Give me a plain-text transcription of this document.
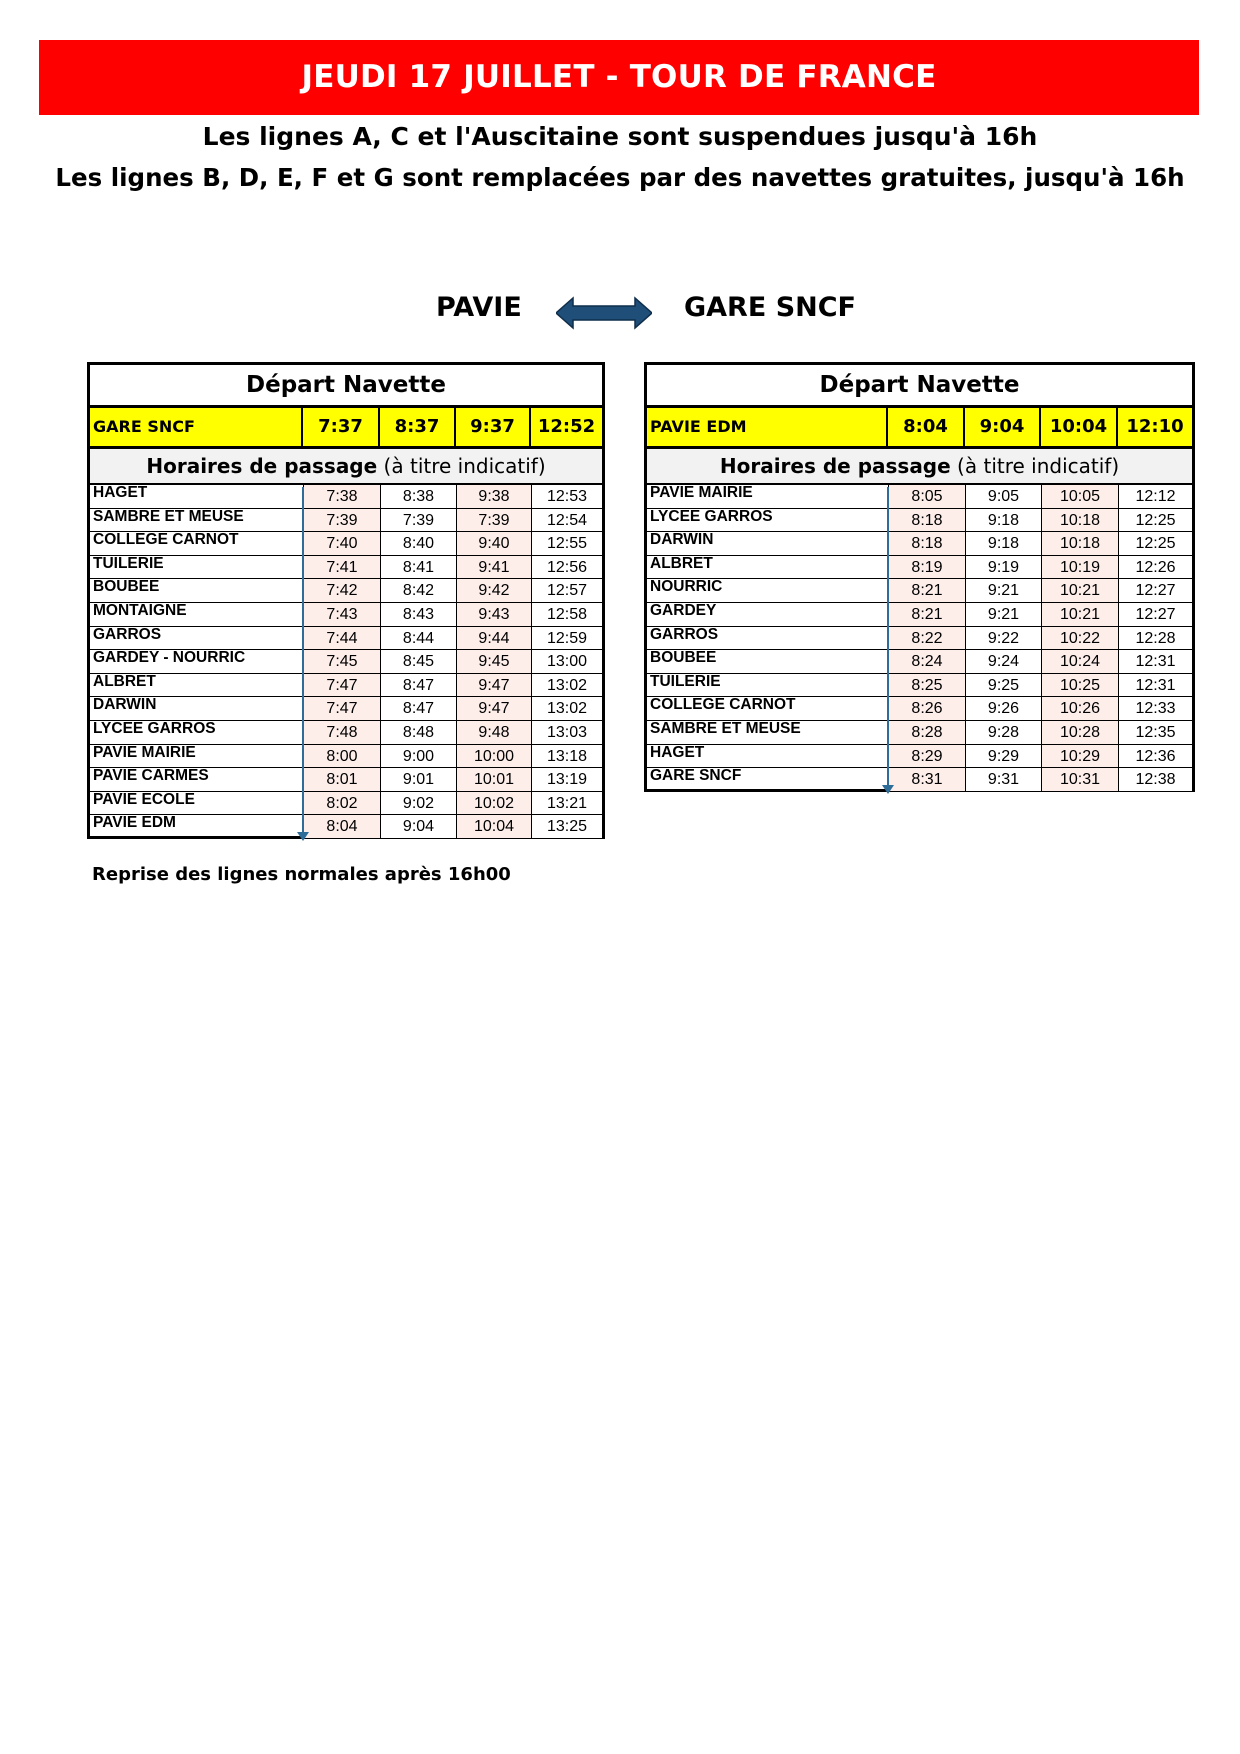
JEUDI 17 JUILLET - TOUR DE FRANCE
Les lignes A, C et l'Auscitaine sont suspendues jusqu'à 16h
Les lignes B, D, E, F et G sont remplacées par des navettes gratuites, jusqu'à 16h
PAVIE	GARE SNCF
Départ Navette
GARE SNCF	7:37	8:37	9:37	12:52
Horaires de passage (à titre indicatif)
HAGET	7:38	8:38	9:38	12:53
SAMBRE ET MEUSE	7:39	7:39	7:39	12:54
COLLEGE CARNOT	7:40	8:40	9:40	12:55
TUILERIE	7:41	8:41	9:41	12:56
BOUBEE	7:42	8:42	9:42	12:57
MONTAIGNE	7:43	8:43	9:43	12:58
GARROS	7:44	8:44	9:44	12:59
GARDEY - NOURRIC	7:45	8:45	9:45	13:00
ALBRET	7:47	8:47	9:47	13:02
DARWIN	7:47	8:47	9:47	13:02
LYCEE GARROS	7:48	8:48	9:48	13:03
PAVIE MAIRIE	8:00	9:00	10:00	13:18
PAVIE CARMES	8:01	9:01	10:01	13:19
PAVIE ECOLE	8:02	9:02	10:02	13:21
PAVIE EDM	8:04	9:04	10:04	13:25
Départ Navette
PAVIE EDM	8:04	9:04	10:04	12:10
Horaires de passage (à titre indicatif)
PAVIE MAIRIE	8:05	9:05	10:05	12:12
LYCEE GARROS	8:18	9:18	10:18	12:25
DARWIN	8:18	9:18	10:18	12:25
ALBRET	8:19	9:19	10:19	12:26
NOURRIC	8:21	9:21	10:21	12:27
GARDEY	8:21	9:21	10:21	12:27
GARROS	8:22	9:22	10:22	12:28
BOUBEE	8:24	9:24	10:24	12:31
TUILERIE	8:25	9:25	10:25	12:31
COLLEGE CARNOT	8:26	9:26	10:26	12:33
SAMBRE ET MEUSE	8:28	9:28	10:28	12:35
HAGET	8:29	9:29	10:29	12:36
GARE SNCF	8:31	9:31	10:31	12:38
Reprise des lignes normales après 16h00
